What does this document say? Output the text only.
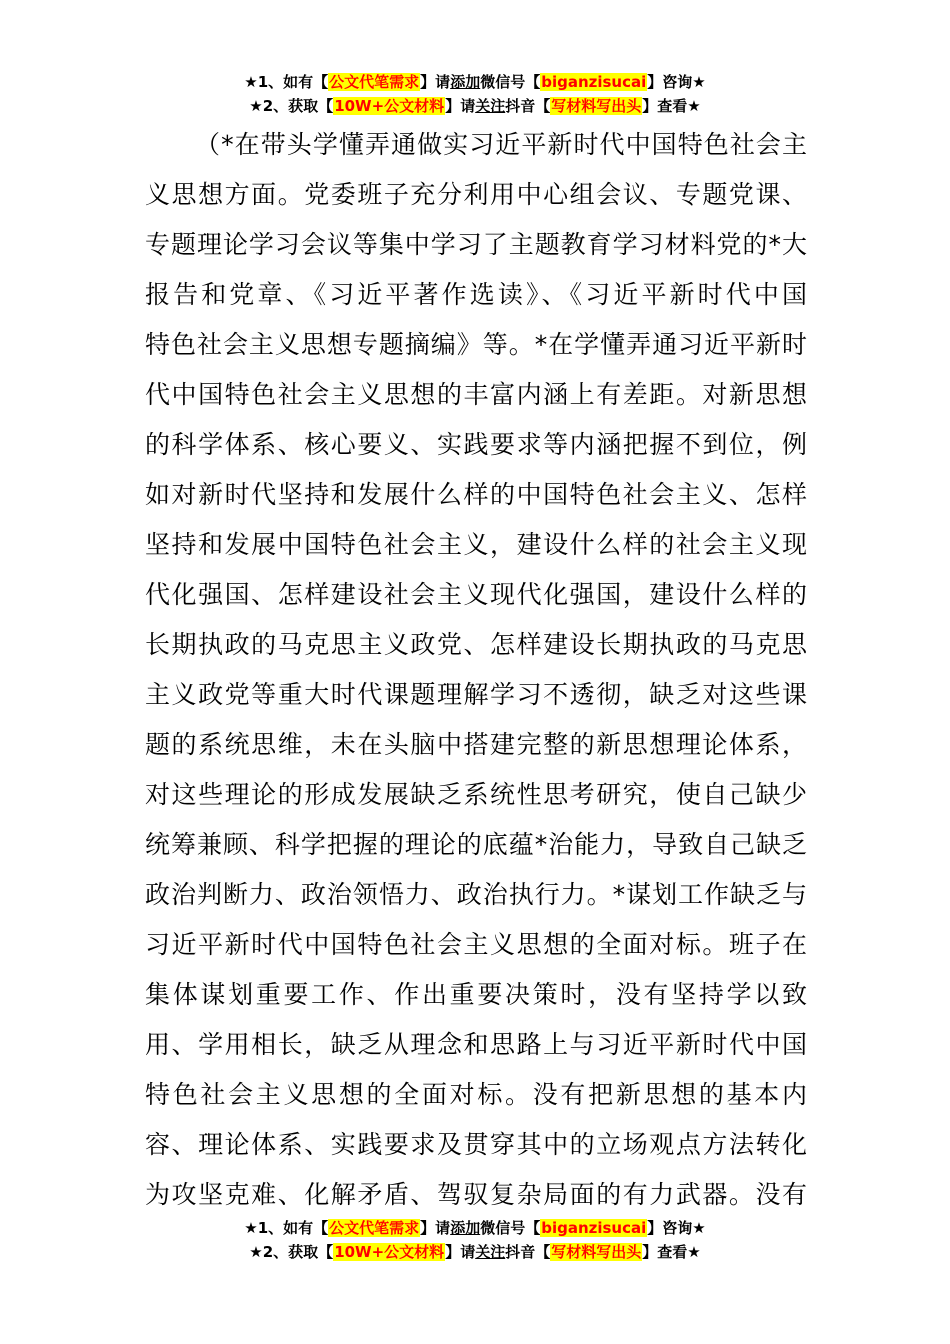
★1、如有【公文代笔需求】请添加微信号【biganzisucai】咨询★
★2、获取【10W+公文材料】请关注抖音【写材料写出头】查看★
（*在带头学懂弄通做实习近平新时代中国特色社会主
义思想方面。党委班子充分利用中心组会议、专题党课、
专题理论学习会议等集中学习了主题教育学习材料党的*大
报告和党章、《习近平著作选读》、《习近平新时代中国
特色社会主义思想专题摘编》等。*在学懂弄通习近平新时
代中国特色社会主义思想的丰富内涵上有差距。对新思想
的科学体系、核心要义、实践要求等内涵把握不到位，例
如对新时代坚持和发展什么样的中国特色社会主义、怎样
坚持和发展中国特色社会主义，建设什么样的社会主义现
代化强国、怎样建设社会主义现代化强国，建设什么样的
长期执政的马克思主义政党、怎样建设长期执政的马克思
主义政党等重大时代课题理解学习不透彻，缺乏对这些课
题的系统思维，未在头脑中搭建完整的新思想理论体系，
对这些理论的形成发展缺乏系统性思考研究，使自己缺少
统筹兼顾、科学把握的理论的底蕴*治能力，导致自己缺乏
政治判断力、政治领悟力、政治执行力。*谋划工作缺乏与
习近平新时代中国特色社会主义思想的全面对标。班子在
集体谋划重要工作、作出重要决策时，没有坚持学以致
用、学用相长，缺乏从理念和思路上与习近平新时代中国
特色社会主义思想的全面对标。没有把新思想的基本内
容、理论体系、实践要求及贯穿其中的立场观点方法转化
为攻坚克难、化解矛盾、驾驭复杂局面的有力武器。没有
★1、如有【公文代笔需求】请添加微信号【biganzisucai】咨询★
★2、获取【10W+公文材料】请关注抖音【写材料写出头】查看★
